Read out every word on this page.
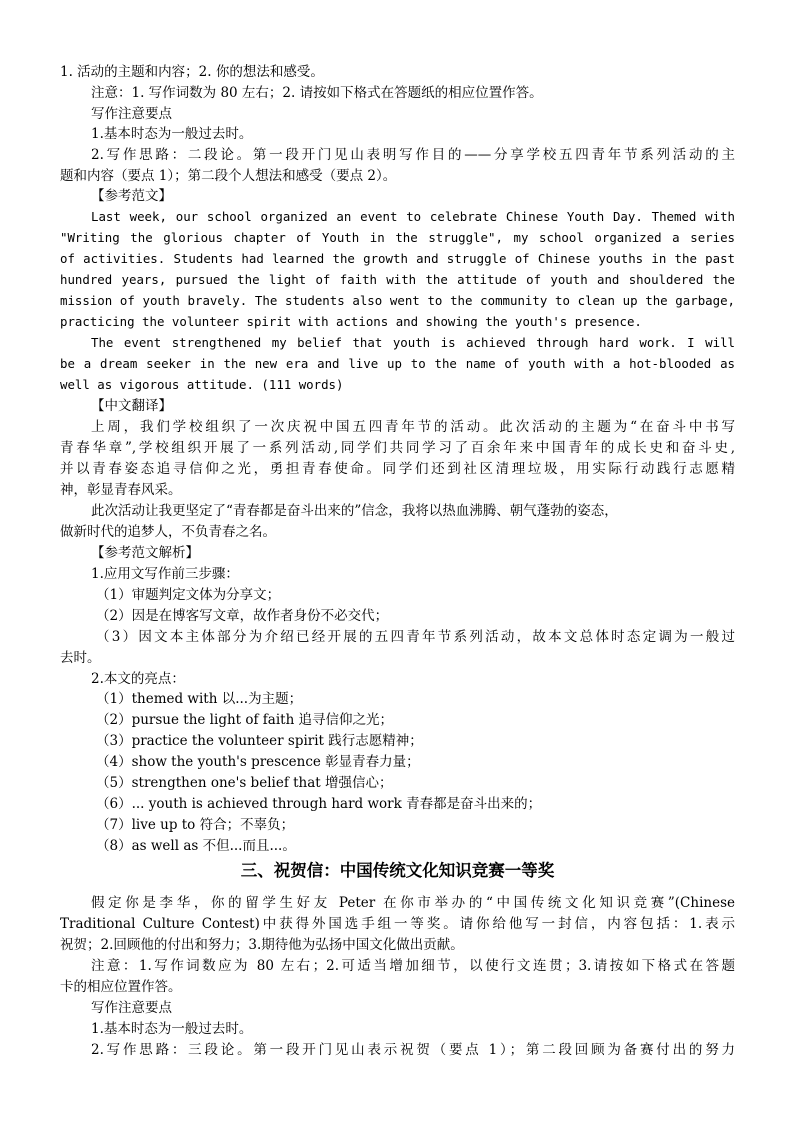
1. 活动的主题和内容；2. 你的想法和感受。
注意：1. 写作词数为 80 左右；2. 请按如下格式在答题纸的相应位置作答。
写作注意要点
1.基本时态为一般过去时。
2.写作思路：二段论。第一段开门见山表明写作目的——分享学校五四青年节系列活动的主
题和内容（要点 1）；第二段个人想法和感受（要点 2）。
【参考范文】
Last week, our school organized an event to celebrate Chinese Youth Day. Themed with
"Writing the glorious chapter of Youth in the struggle", my school organized a series
of activities. Students had learned the growth and struggle of Chinese youths in the past
hundred years, pursued the light of faith with the attitude of youth and shouldered the
mission of youth bravely. The students also went to the community to clean up the garbage,
practicing the volunteer spirit with actions and showing the youth's presence.
The event strengthened my belief that youth is achieved through hard work. I will
be a dream seeker in the new era and live up to the name of youth with a hot-blooded as
well as vigorous attitude. (111 words)
【中文翻译】
上周，我们学校组织了一次庆祝中国五四青年节的活动。此次活动的主题为“在奋斗中书写
青春华章”,学校组织开展了一系列活动,同学们共同学习了百余年来中国青年的成长史和奋斗史,
并以青春姿态追寻信仰之光，勇担青春使命。同学们还到社区清理垃圾，用实际行动践行志愿精
神，彰显青春风采。
此次活动让我更坚定了“青春都是奋斗出来的”信念，我将以热血沸腾、朝气蓬勃的姿态，
做新时代的追梦人，不负青春之名。
【参考范文解析】
1.应用文写作前三步骤：
（1）审题判定文体为分享文；
（2）因是在博客写文章，故作者身份不必交代；
（3）因文本主体部分为介绍已经开展的五四青年节系列活动，故本文总体时态定调为一般过
去时。
2.本文的亮点：
（1）themed with 以...为主题；
（2）pursue the light of faith 追寻信仰之光；
（3）practice the volunteer spirit 践行志愿精神；
（4）show the youth's prescence 彰显青春力量；
（5）strengthen one's belief that 增强信心；
（6）... youth is achieved through hard work 青春都是奋斗出来的；
（7）live up to 符合；不辜负；
（8）as well as 不但...而且...。
三、祝贺信：中国传统文化知识竞赛一等奖
假定你是李华，你的留学生好友 Peter 在你市举办的“中国传统文化知识竞赛”(Chinese
Traditional Culture Contest)中获得外国选手组一等奖。请你给他写一封信，内容包括：1.表示
祝贺；2.回顾他的付出和努力；3.期待他为弘扬中国文化做出贡献。
注意：1.写作词数应为 80 左右；2.可适当增加细节，以使行文连贯；3.请按如下格式在答题
卡的相应位置作答。
写作注意要点
1.基本时态为一般过去时。
2.写作思路：三段论。第一段开门见山表示祝贺（要点 1）；第二段回顾为备赛付出的努力
